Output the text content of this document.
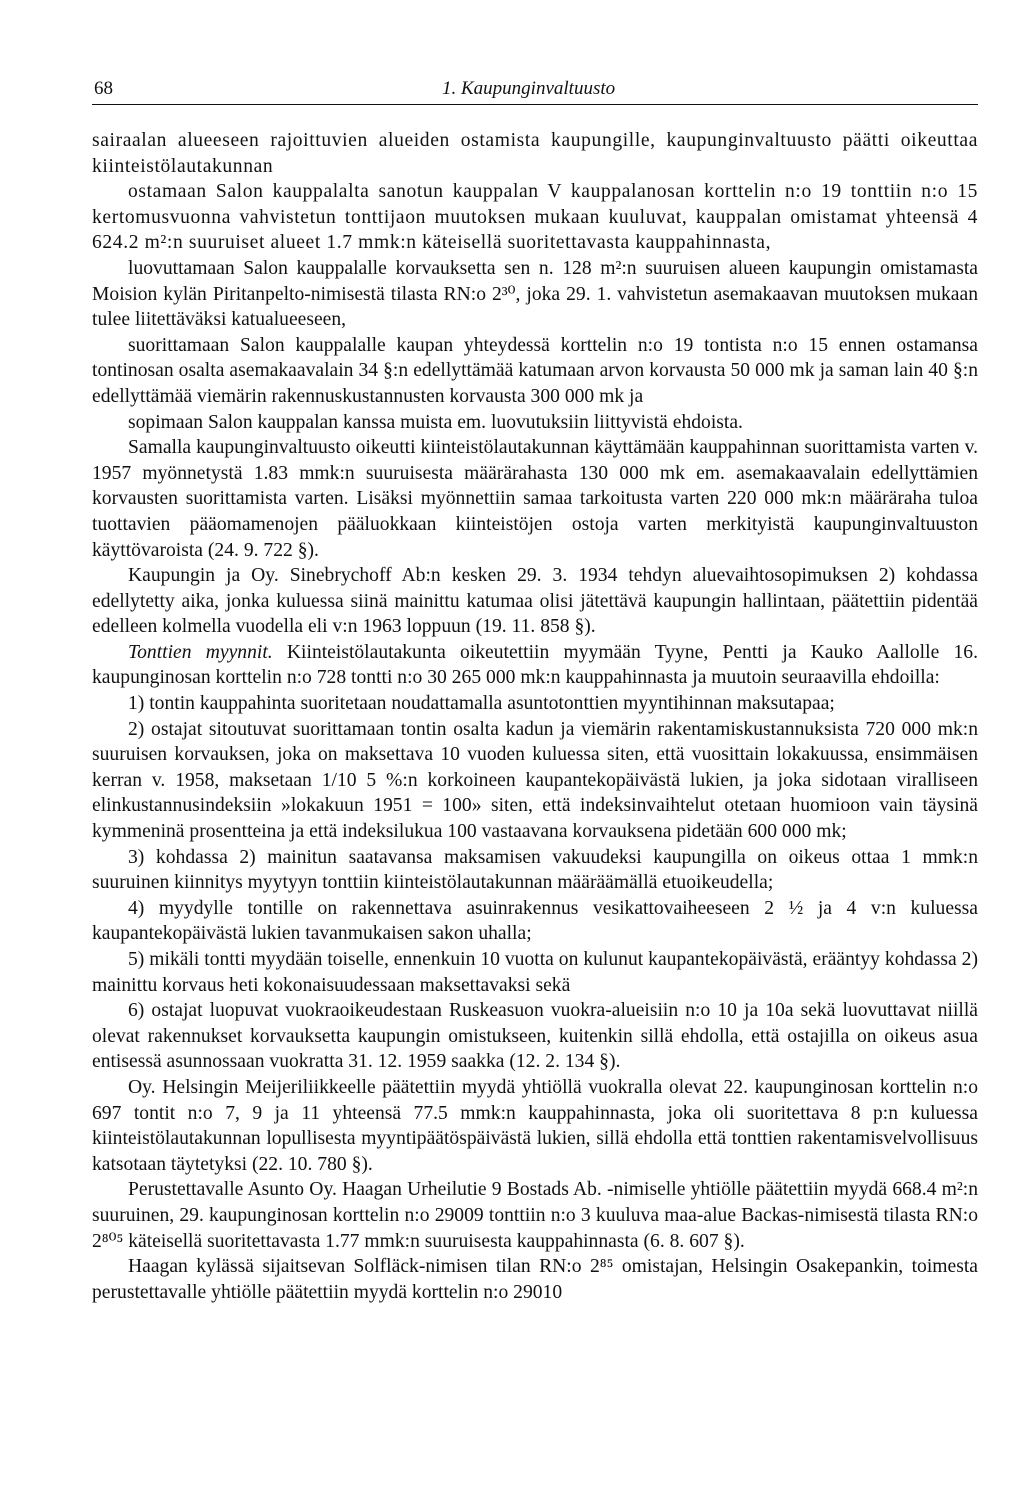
68	1. Kaupunginvaltuusto

sairaalan alueeseen rajoittuvien alueiden ostamista kaupungille, kaupunginvaltuusto päätti oikeuttaa kiinteistölautakunnan

ostamaan Salon kauppalalta sanotun kauppalan V kauppalanosan korttelin n:o 19 tonttiin n:o 15 kertomusvuonna vahvistetun tonttijaon muutoksen mukaan kuuluvat, kauppalan omistamat yhteensä 4 624.2 m²:n suuruiset alueet 1.7 mmk:n käteisellä suoritettavasta kauppahinnasta,

luovuttamaan Salon kauppalalle korvauksetta sen n. 128 m²:n suuruisen alueen kaupungin omistamasta Moision kylän Piritanpelto-nimisestä tilasta RN:o 2³⁰, joka 29. 1. vahvistetun asemakaavan muutoksen mukaan tulee liitettäväksi katualueeseen,

suorittamaan Salon kauppalalle kaupan yhteydessä korttelin n:o 19 tontista n:o 15 ennen ostamansa tontinosan osalta asemakaavalain 34 §:n edellyttämää katumaan arvon korvausta 50 000 mk ja saman lain 40 §:n edellyttämää viemärin rakennuskustannusten korvausta 300 000 mk ja

sopimaan Salon kauppalan kanssa muista em. luovutuksiin liittyvistä ehdoista.

Samalla kaupunginvaltuusto oikeutti kiinteistölautakunnan käyttämään kauppahinnan suorittamista varten v. 1957 myönnetystä 1.83 mmk:n suuruisesta määrärahasta 130 000 mk em. asemakaavalain edellyttämien korvausten suorittamista varten. Lisäksi myönnettiin samaa tarkoitusta varten 220 000 mk:n määräraha tuloa tuottavien pääomamenojen pääluokkaan kiinteistöjen ostoja varten merkityistä kaupunginvaltuuston käyttövaroista (24. 9. 722 §).

Kaupungin ja Oy. Sinebrychoff Ab:n kesken 29. 3. 1934 tehdyn aluevaihtosopimuksen 2) kohdassa edellytetty aika, jonka kuluessa siinä mainittu katumaa olisi jätettävä kaupungin hallintaan, päätettiin pidentää edelleen kolmella vuodella eli v:n 1963 loppuun (19. 11. 858 §).

Tonttien myynnit. Kiinteistölautakunta oikeutettiin myymään Tyyne, Pentti ja Kauko Aallolle 16. kaupunginosan korttelin n:o 728 tontti n:o 30 265 000 mk:n kauppahinnasta ja muutoin seuraavilla ehdoilla:

1) tontin kauppahinta suoritetaan noudattamalla asuntotonttien myyntihinnan maksutapaa;

2) ostajat sitoutuvat suorittamaan tontin osalta kadun ja viemärin rakentamiskustannuksista 720 000 mk:n suuruisen korvauksen, joka on maksettava 10 vuoden kuluessa siten, että vuosittain lokakuussa, ensimmäisen kerran v. 1958, maksetaan 1/10 5 %:n korkoineen kaupantekopäivästä lukien, ja joka sidotaan viralliseen elinkustannusindeksiin »lokakuun 1951 = 100» siten, että indeksinvaihtelut otetaan huomioon vain täysinä kymmeninä prosentteina ja että indeksilukua 100 vastaavana korvauksena pidetään 600 000 mk;

3) kohdassa 2) mainitun saatavansa maksamisen vakuudeksi kaupungilla on oikeus ottaa 1 mmk:n suuruinen kiinnitys myytyyn tonttiin kiinteistölautakunnan määräämällä etuoikeudella;

4) myydylle tontille on rakennettava asuinrakennus vesikattovaiheeseen 2 ½ ja 4 v:n kuluessa kaupantekopäivästä lukien tavanmukaisen sakon uhalla;

5) mikäli tontti myydään toiselle, ennenkuin 10 vuotta on kulunut kaupantekopäivästä, erääntyy kohdassa 2) mainittu korvaus heti kokonaisuudessaan maksettavaksi sekä

6) ostajat luopuvat vuokraoikeudestaan Ruskeasuon vuokra-alueisiin n:o 10 ja 10a sekä luovuttavat niillä olevat rakennukset korvauksetta kaupungin omistukseen, kuitenkin sillä ehdolla, että ostajilla on oikeus asua entisessä asunnossaan vuokratta 31. 12. 1959 saakka (12. 2. 134 §).

Oy. Helsingin Meijeriliikkeelle päätettiin myydä yhtiöllä vuokralla olevat 22. kaupunginosan korttelin n:o 697 tontit n:o 7, 9 ja 11 yhteensä 77.5 mmk:n kauppahinnasta, joka oli suoritettava 8 p:n kuluessa kiinteistölautakunnan lopullisesta myyntipäätöspäivästä lukien, sillä ehdolla että tonttien rakentamisvelvollisuus katsotaan täytetyksi (22. 10. 780 §).

Perustettavalle Asunto Oy. Haagan Urheilutie 9 Bostads Ab. -nimiselle yhtiölle päätettiin myydä 668.4 m²:n suuruinen, 29. kaupunginosan korttelin n:o 29009 tonttiin n:o 3 kuuluva maa-alue Backas-nimisestä tilasta RN:o 2⁸⁰⁵ käteisellä suoritettavasta 1.77 mmk:n suuruisesta kauppahinnasta (6. 8. 607 §).

Haagan kylässä sijaitsevan Solfläck-nimisen tilan RN:o 2⁸⁵ omistajan, Helsingin Osakepankin, toimesta perustettavalle yhtiölle päätettiin myydä korttelin n:o 29010
